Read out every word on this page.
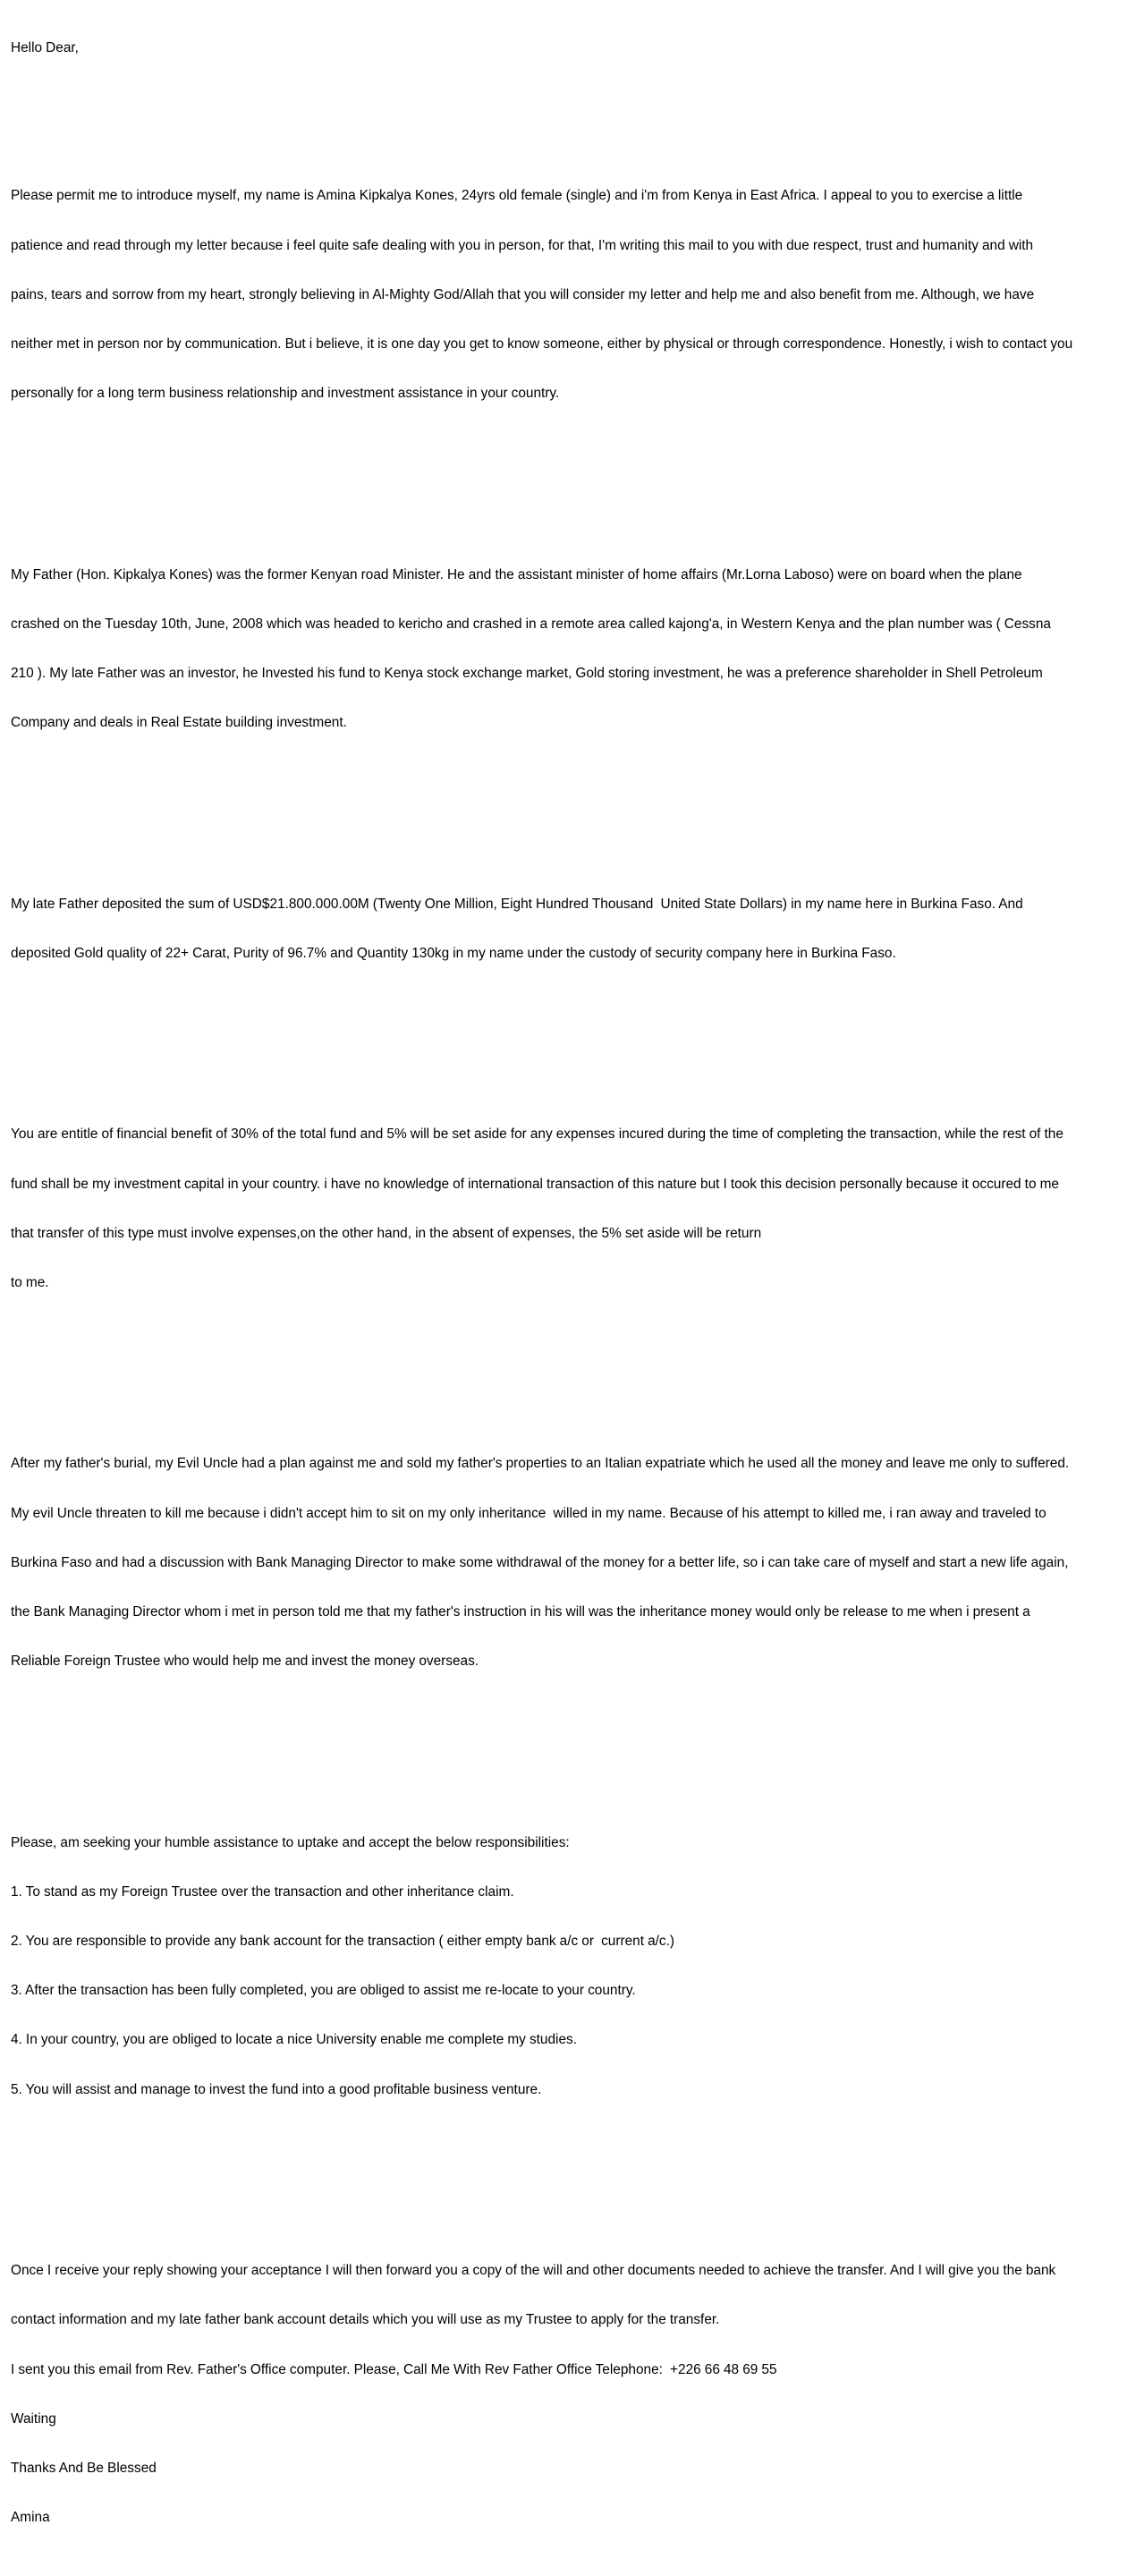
Hello Dear,

Please permit me to introduce myself, my name is Amina Kipkalya Kones, 24yrs old female (single) and i'm from Kenya in East Africa. I appeal to you to exercise a little

patience and read through my letter because i feel quite safe dealing with you in person, for that, I'm writing this mail to you with due respect, trust and humanity and with

pains, tears and sorrow from my heart, strongly believing in Al-Mighty God/Allah that you will consider my letter and help me and also benefit from me. Although, we have

neither met in person nor by communication. But i believe, it is one day you get to know someone, either by physical or through correspondence. Honestly, i wish to contact you

personally for a long term business relationship and investment assistance in your country.

My Father (Hon. Kipkalya Kones) was the former Kenyan road Minister. He and the assistant minister of home affairs (Mr.Lorna Laboso) were on board when the plane

crashed on the Tuesday 10th, June, 2008 which was headed to kericho and crashed in a remote area called kajong'a, in Western Kenya and the plan number was ( Cessna

210 ). My late Father was an investor, he Invested his fund to Kenya stock exchange market, Gold storing investment, he was a preference shareholder in Shell Petroleum

Company and deals in Real Estate building investment.

My late Father deposited the sum of USD$21.800.000.00M (Twenty One Million, Eight Hundred Thousand  United State Dollars) in my name here in Burkina Faso. And

deposited Gold quality of 22+ Carat, Purity of 96.7% and Quantity 130kg in my name under the custody of security company here in Burkina Faso.

You are entitle of financial benefit of 30% of the total fund and 5% will be set aside for any expenses incured during the time of completing the transaction, while the rest of the

fund shall be my investment capital in your country. i have no knowledge of international transaction of this nature but I took this decision personally because it occured to me

that transfer of this type must involve expenses,on the other hand, in the absent of expenses, the 5% set aside will be return

to me.

After my father's burial, my Evil Uncle had a plan against me and sold my father's properties to an Italian expatriate which he used all the money and leave me only to suffered.

My evil Uncle threaten to kill me because i didn't accept him to sit on my only inheritance  willed in my name. Because of his attempt to killed me, i ran away and traveled to

Burkina Faso and had a discussion with Bank Managing Director to make some withdrawal of the money for a better life, so i can take care of myself and start a new life again,

the Bank Managing Director whom i met in person told me that my father's instruction in his will was the inheritance money would only be release to me when i present a

Reliable Foreign Trustee who would help me and invest the money overseas.

Please, am seeking your humble assistance to uptake and accept the below responsibilities:

1. To stand as my Foreign Trustee over the transaction and other inheritance claim.

2. You are responsible to provide any bank account for the transaction ( either empty bank a/c or  current a/c.)

3. After the transaction has been fully completed, you are obliged to assist me re-locate to your country.

4. In your country, you are obliged to locate a nice University enable me complete my studies.

5. You will assist and manage to invest the fund into a good profitable business venture.

Once I receive your reply showing your acceptance I will then forward you a copy of the will and other documents needed to achieve the transfer. And I will give you the bank

contact information and my late father bank account details which you will use as my Trustee to apply for the transfer.

I sent you this email from Rev. Father's Office computer. Please, Call Me With Rev Father Office Telephone:  +226 66 48 69 55

Waiting

Thanks And Be Blessed

Amina
